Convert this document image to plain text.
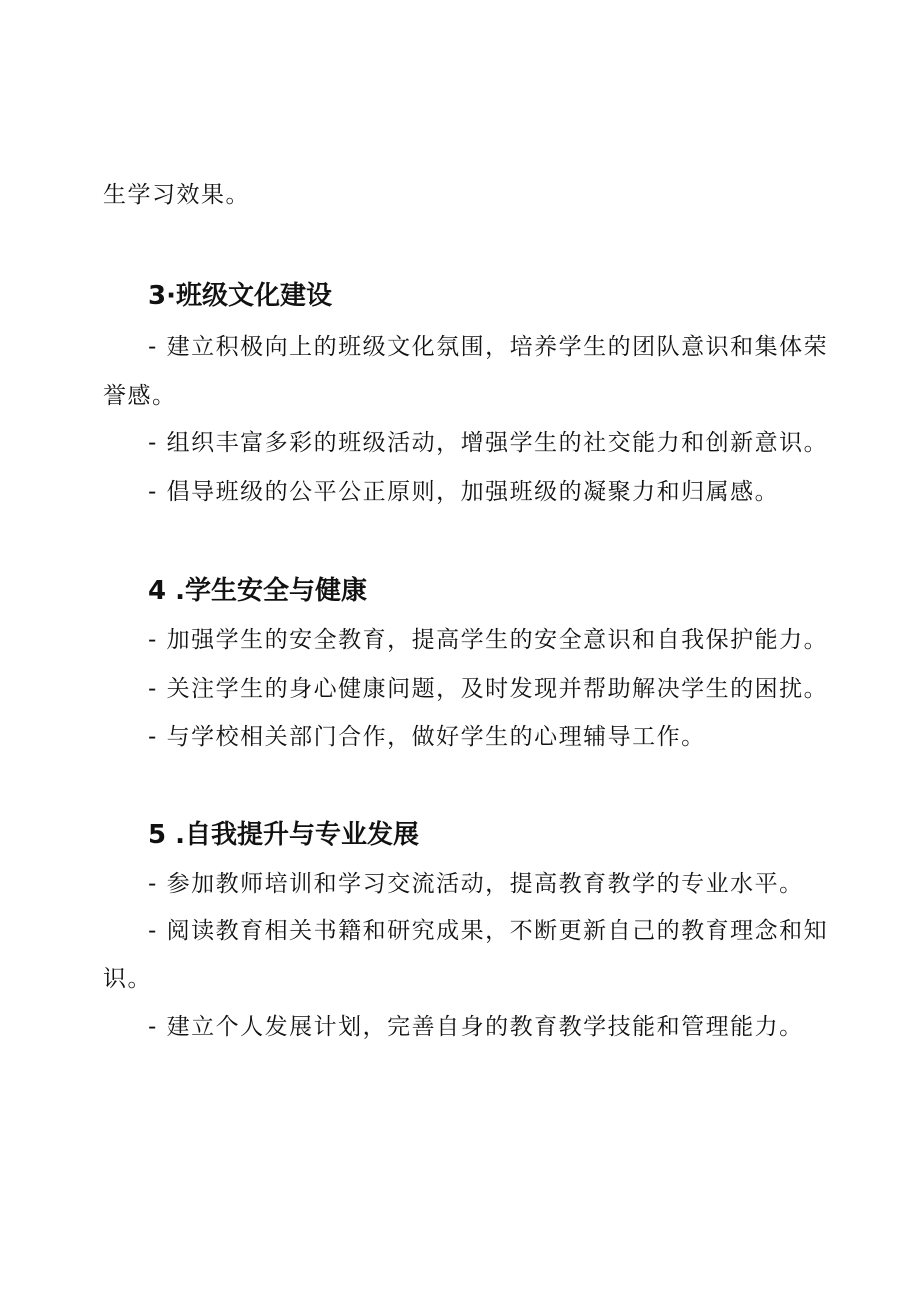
生学习效果。
3·班级文化建设
- 建立积极向上的班级文化氛围，培养学生的团队意识和集体荣
誉感。
- 组织丰富多彩的班级活动，增强学生的社交能力和创新意识。
- 倡导班级的公平公正原则，加强班级的凝聚力和归属感。
4 .学生安全与健康
- 加强学生的安全教育，提高学生的安全意识和自我保护能力。
- 关注学生的身心健康问题，及时发现并帮助解决学生的困扰。
- 与学校相关部门合作，做好学生的心理辅导工作。
5 .自我提升与专业发展
- 参加教师培训和学习交流活动，提高教育教学的专业水平。
- 阅读教育相关书籍和研究成果，不断更新自己的教育理念和知
识。
- 建立个人发展计划，完善自身的教育教学技能和管理能力。
